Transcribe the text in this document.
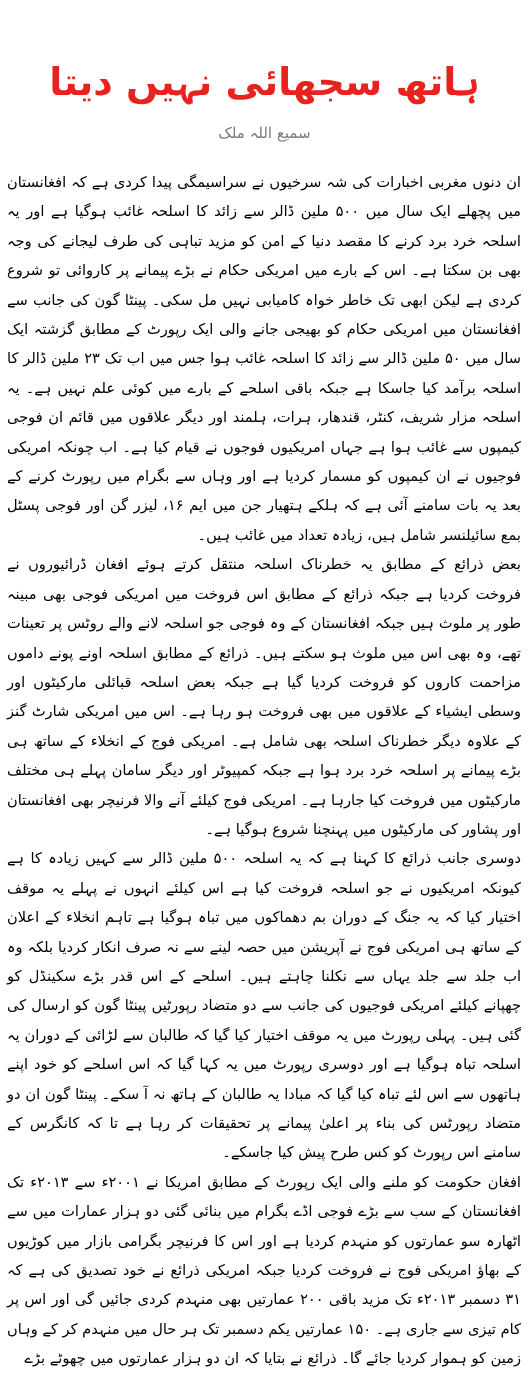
ہاتھ سجھائی نہیں دیتا
سمیع اللہ ملک

ان دنوں مغربی اخبارات کی شہ سرخیوں نے سراسیمگی پیدا کردی ہے کہ افغانستان میں پچھلے ایک سال میں ۵۰۰ ملین ڈالر سے زائد کا اسلحہ غائب ہوگیا ہے اور یہ اسلحہ خرد برد کرنے کا مقصد دنیا کے امن کو مزید تباہی کی طرف لیجانے کی وجہ بھی بن سکتا ہے۔ اس کے بارے میں امریکی حکام نے بڑے پیمانے پر کاروائی تو شروع کردی ہے لیکن ابھی تک خاطر خواہ کامیابی نہیں مل سکی۔ پینٹا گون کی جانب سے افغانستان میں امریکی حکام کو بھیجی جانے والی ایک رپورٹ کے مطابق گزشتہ ایک سال میں ۵۰ ملین ڈالر سے زائد کا اسلحہ غائب ہوا جس میں اب تک ۲۳ ملین ڈالر کا اسلحہ برآمد کیا جاسکا ہے جبکہ باقی اسلحے کے بارے میں کوئی علم نہیں ہے۔ یہ اسلحہ مزار شریف، کنٹر، قندھار، ہرات، ہلمند اور دیگر علاقوں میں قائم ان فوجی کیمپوں سے غائب ہوا ہے جہاں امریکیوں فوجوں نے قیام کیا ہے۔ اب چونکہ امریکی فوجیوں نے ان کیمپوں کو مسمار کردیا ہے اور وہاں سے بگرام میں رپورٹ کرنے کے بعد یہ بات سامنے آئی ہے کہ ہلکے ہتھیار جن میں ایم ۱۶، لیزر گن اور فوجی پسٹل بمع سائیلنسر شامل ہیں، زیادہ تعداد میں غائب ہیں۔

بعض ذرائع کے مطابق یہ خطرناک اسلحہ منتقل کرتے ہوئے افغان ڈرائیوروں نے فروخت کردیا ہے جبکہ ذرائع کے مطابق اس فروخت میں امریکی فوجی بھی مبینہ طور پر ملوث ہیں جبکہ افغانستان کے وہ فوجی جو اسلحہ لانے والے روٹس پر تعینات تھے، وہ بھی اس میں ملوث ہو سکتے ہیں۔ ذرائع کے مطابق اسلحہ اونے پونے داموں مزاحمت کاروں کو فروخت کردیا گیا ہے جبکہ بعض اسلحہ قبائلی مارکیٹوں اور وسطی ایشیاء کے علاقوں میں بھی فروخت ہو رہا ہے۔ اس میں امریکی شارٹ گنز کے علاوہ دیگر خطرناک اسلحہ بھی شامل ہے۔ امریکی فوج کے انخلاء کے ساتھ ہی بڑے پیمانے پر اسلحہ خرد برد ہوا ہے جبکہ کمپیوٹر اور دیگر سامان پہلے ہی مختلف مارکیٹوں میں فروخت کیا جارہا ہے۔ امریکی فوج کیلئے آنے والا فرنیچر بھی افغانستان اور پشاور کی مارکیٹوں میں پہنچنا شروع ہوگیا ہے۔

دوسری جانب ذرائع کا کہنا ہے کہ یہ اسلحہ ۵۰۰ ملین ڈالر سے کہیں زیادہ کا ہے کیونکہ امریکیوں نے جو اسلحہ فروخت کیا ہے اس کیلئے انہوں نے پہلے یہ موقف اختیار کیا کہ یہ جنگ کے دوران بم دھماکوں میں تباہ ہوگیا ہے تاہم انخلاء کے اعلان کے ساتھ ہی امریکی فوج نے آپریشن میں حصہ لینے سے نہ صرف انکار کردیا بلکہ وہ اب جلد سے جلد یہاں سے نکلنا چاہتے ہیں۔ اسلحے کے اس قدر بڑے سکینڈل کو چھپانے کیلئے امریکی فوجیوں کی جانب سے دو متضاد رپورٹیں پینٹا گون کو ارسال کی گئی ہیں۔ پہلی رپورٹ میں یہ موقف اختیار کیا گیا کہ طالبان سے لڑائی کے دوران یہ اسلحہ تباہ ہوگیا ہے اور دوسری رپورٹ میں یہ کہا گیا کہ اس اسلحے کو خود اپنے ہاتھوں سے اس لئے تباہ کیا گیا کہ مبادا یہ طالبان کے ہاتھ نہ آ سکے۔ پینٹا گون ان دو متضاد رپورٹس کی بناء پر اعلیٰ پیمانے پر تحقیقات کر رہا ہے تا کہ کانگرس کے سامنے اس رپورٹ کو کس طرح پیش کیا جاسکے۔

افغان حکومت کو ملنے والی ایک رپورٹ کے مطابق امریکا نے ۲۰۰۱ء سے ۲۰۱۳ء تک افغانستان کے سب سے بڑے فوجی اڈے بگرام میں بنائی گئی دو ہزار عمارات میں سے اٹھارہ سو عمارتوں کو منہدم کردیا ہے اور اس کا فرنیچر بگرامی بازار میں کوڑیوں کے بھاؤ امریکی فوج نے فروخت کردیا جبکہ امریکی ذرائع نے خود تصدیق کی ہے کہ ۳۱ دسمبر ۲۰۱۳ء تک مزید باقی ۲۰۰ عمارتیں بھی منہدم کردی جائیں گی اور اس پر کام تیزی سے جاری ہے۔ ۱۵۰ عمارتیں یکم دسمبر تک ہر حال میں منہدم کر کے وہاں زمین کو ہموار کردیا جائے گا۔ ذرائع نے بتایا کہ ان دو ہزار عمارتوں میں چھوٹے بڑے
